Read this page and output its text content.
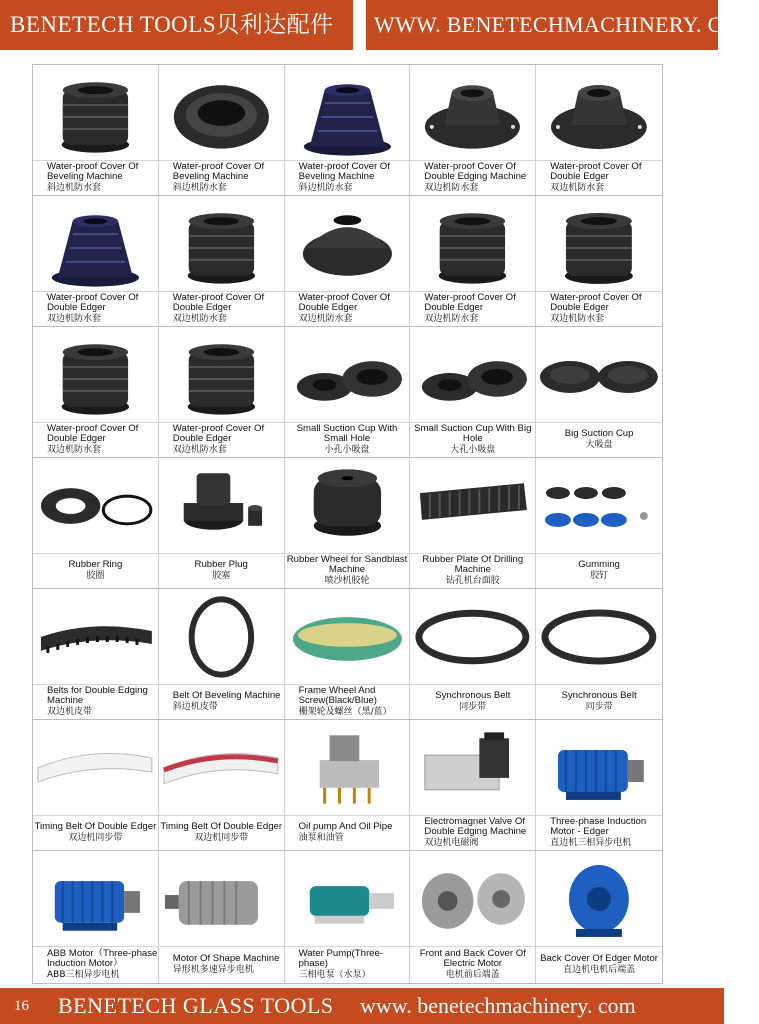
BENETECH TOOLS贝利达配件	WWW. BENETECHMACHINERY. COM
Water-proof Cover Of Beveling Machine
斜边机防水套
Water-proof Cover Of Beveling Machine
斜边机防水套
Water-proof Cover Of Beveling Machine
斜边机防水套
Water-proof Cover Of Double Edging Machine
双边机防水套
Water-proof Cover Of Double Edger
双边机防水套
Water-proof Cover Of Double Edger
双边机防水套
Water-proof Cover Of Double Edger
双边机防水套
Water-proof Cover Of Double Edger
双边机防水套
Water-proof Cover Of Double Edger
双边机防水套
Water-proof Cover Of Double Edger
双边机防水套
Water-proof Cover Of Double Edger
双边机防水套
Water-proof Cover Of Double Edger
双边机防水套
Small Suction Cup With Small Hole
小孔小吸盘
Small Suction Cup With Big Hole
大孔小吸盘
Big Suction Cup
大吸盘
Rubber Ring
胶圈
Rubber Plug
胶塞
Rubber Wheel for Sandblast Machine
喷沙机胶轮
Rubber Plate Of Drilling Machine
钻孔机台面胶
Gumming
胶钉
Belts for Double Edging Machine
双边机皮带
Belt Of Beveling Machine
斜边机皮带
Frame Wheel And Screw(Black/Blue)
栅架轮及螺丝（黑/蓝）
Synchronous Belt
同步带
Synchronous Belt
同步带
Timing Belt Of Double Edger
双边机同步带
Timing Belt Of Double Edger
双边机同步带
Oil pump And Oil Pipe
油泵和油管
Electromagnet Valve Of Double Edging Machine
双边机电磁阀
Three-phase Induction Motor - Edger
直边机三相异步电机
ABB Motor（Three-phase Induction Motor）
ABB三相异步电机
Motor Of Shape Machine
异形机多速异步电机
Water Pump(Three-phase)
三相电泵（水泵）
Front and Back Cover Of Electric Motor
电机前后端盖
Back Cover Of Edger Motor
直边机电机后端盖
16 BENETECH GLASS TOOLS www. benetechmachinery. com
